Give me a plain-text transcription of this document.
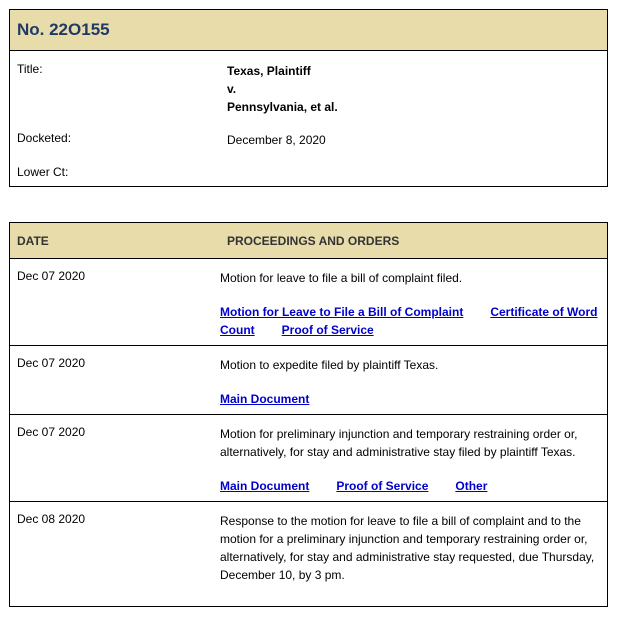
No. 22O155
Title:	Texas, Plaintiff
v.
Pennsylvania, et al.
Docketed:	December 8, 2020
Lower Ct:
DATE	PROCEEDINGS AND ORDERS
Dec 07 2020	Motion for leave to file a bill of complaint filed.
Motion for Leave to File a Bill of Complaint Certificate of Word Count Proof of Service
Dec 07 2020	Motion to expedite filed by plaintiff Texas.
Main Document
Dec 07 2020	Motion for preliminary injunction and temporary restraining order or, alternatively, for stay and administrative stay filed by plaintiff Texas.
Main Document Proof of Service Other
Dec 08 2020	Response to the motion for leave to file a bill of complaint and to the motion for a preliminary injunction and temporary restraining order or, alternatively, for stay and administrative stay requested, due Thursday, December 10, by 3 pm.
